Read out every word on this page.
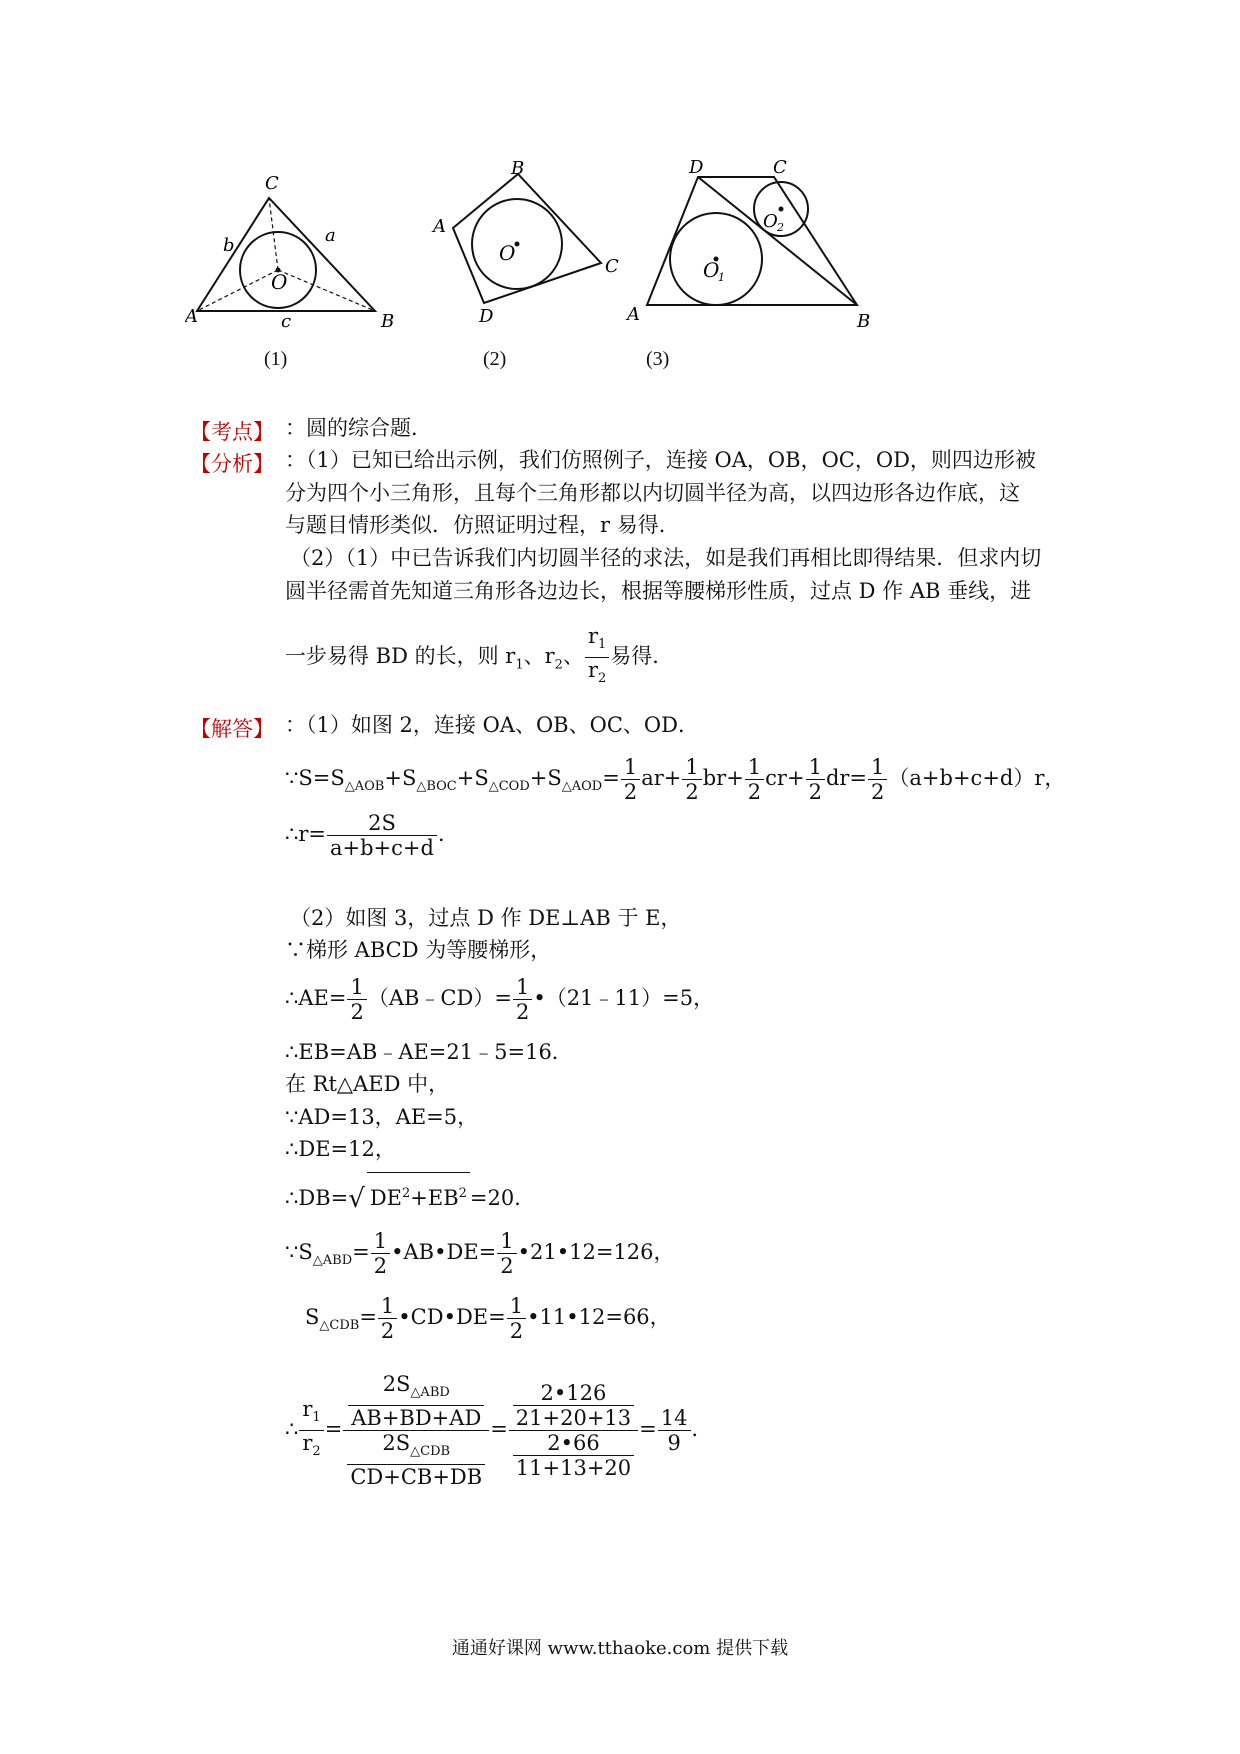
C
A	B
O
a
b
c
(1)
B
A
C
D
O
(2)
D	C
A	B
O
1
O 2
(3)
【考点】 ：圆的综合题．
【分析】 ：（1）已知已给出示例，我们仿照例子，连接 OA，OB，OC，OD，则四边形被
分为四个小三角形，且每个三角形都以内切圆半径为高，以四边形各边作底，这
与题目情形类似．仿照证明过程，r 易得．
（2）（1）中已告诉我们内切圆半径的求法，如是我们再相比即得结果．但求内切
圆半径需首先知道三角形各边边长，根据等腰梯形性质，过点 D 作 AB 垂线，进
一步易得 BD 的长，则 $r_1$、$r_2$、 $\frac{r_1}{r_2}$ 易得．
【解答】 ：（1）如图 2，连接 OA、OB、OC、OD．
$\because S=S_{\triangle AOB}+S_{\triangle BOC}+S_{\triangle COD}+S_{\triangle AOD}= \frac{1}{2} ar+ \frac{1}{2} br+ \frac{1}{2} cr+ \frac{1}{2} dr= \frac{1}{2} (a+b+c+d)r$，
∴r= $\frac{2S}{a+b+c+d}$ ．
（2）如图 3，过点 D 作 DE⊥AB 于 E，
∵梯形 ABCD 为等腰梯形，
∴AE= $\frac{1}{2}$ （AB﹣CD）= $\frac{1}{2}$ •（21﹣11）=5，
∴EB=AB﹣AE=21﹣5=16．
在 Rt△AED 中，
∵AD=13，AE=5，
∴DE=12，
∴DB=√ $DE^2+EB^2 =20$．
$\because S_{\triangle ABD}= \frac{1}{2}$ •AB•DE= $\frac{1}{2}$ •21•12=126，
$S_{\triangle CDB}= \frac{1}{2}$ •CD•DE= $\frac{1}{2}$ •11•12=66，
∴ $\frac{r_1}{r_2} = \frac{\frac{2S_{\triangle ABD}}{AB+BD+AD}}{\frac{2S_{\triangle CDB}}{CD+CB+DB}} = \frac{\frac{2•126}{21+20+13}}{\frac{2•66}{11+13+20}} = \frac{14}{9}$ ．
通通好课网 www.tthaoke.com 提供下载
